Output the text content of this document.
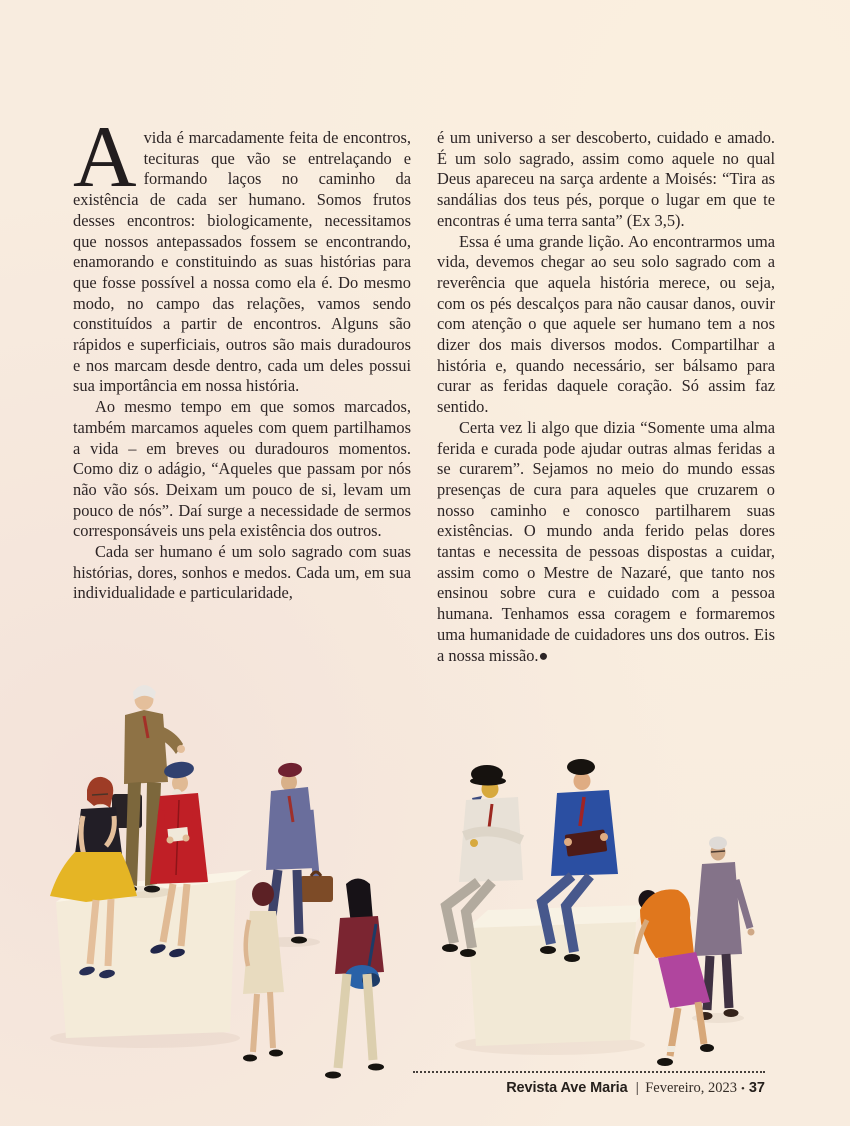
Avida é marcadamente feita de encontros, tecituras que vão se entrelaçando e formando laços no caminho da existência de cada ser humano. Somos frutos desses encontros: biologicamente, necessitamos que nossos antepassados fossem se encontrando, enamorando e constituindo as suas histórias para que fosse possível a nossa como ela é. Do mesmo modo, no campo das relações, vamos sendo constituídos a partir de encontros. Alguns são rápidos e superficiais, outros são mais duradouros e nos marcam desde dentro, cada um deles possui sua importância em nossa história.

Ao mesmo tempo em que somos marcados, também marcamos aqueles com quem partilhamos a vida – em breves ou duradouros momentos. Como diz o adágio, “Aqueles que passam por nós não vão sós. Deixam um pouco de si, levam um pouco de nós”. Daí surge a necessidade de sermos corresponsáveis uns pela existência dos outros.

Cada ser humano é um solo sagrado com suas histórias, dores, sonhos e medos. Cada um, em sua individualidade e particularidade,

é um universo a ser descoberto, cuidado e amado. É um solo sagrado, assim como aquele no qual Deus apareceu na sarça ardente a Moisés: “Tira as sandálias dos teus pés, porque o lugar em que te encontras é uma terra santa” (Ex 3,5).

Essa é uma grande lição. Ao encontrarmos uma vida, devemos chegar ao seu solo sagrado com a reverência que aquela história merece, ou seja, com os pés descalços para não causar danos, ouvir com atenção o que aquele ser humano tem a nos dizer dos mais diversos modos. Compartilhar a história e, quando necessário, ser bálsamo para curar as feridas daquele coração. Só assim faz sentido.

Certa vez li algo que dizia “Somente uma alma ferida e curada pode ajudar outras almas feridas a se curarem”. Sejamos no meio do mundo essas presenças de cura para aqueles que cruzarem o nosso caminho e conosco partilharem suas existências. O mundo anda ferido pelas dores tantas e necessita de pessoas dispostas a cuidar, assim como o Mestre de Nazaré, que tanto nos ensinou sobre cura e cuidado com a pessoa humana. Tenhamos essa coragem e formaremos uma humanidade de cuidadores uns dos outros. Eis a nossa missão.●

Revista Ave Maria | Fevereiro, 2023 • 37
